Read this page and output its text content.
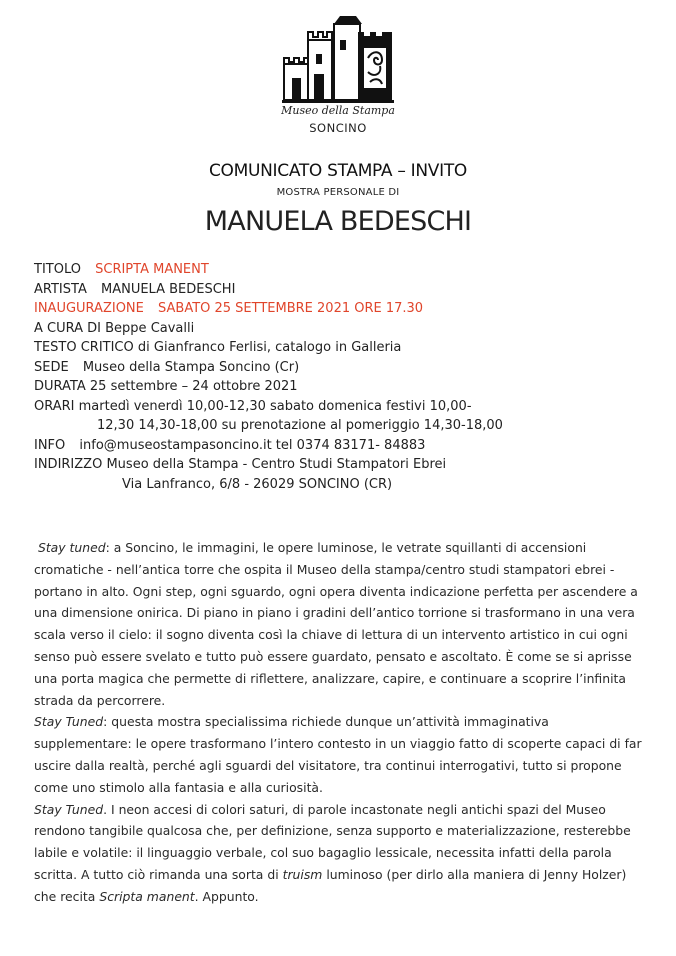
Museo della Stampa
SONCINO
COMUNICATO STAMPA – INVITO
MOSTRA PERSONALE DI
MANUELA BEDESCHI
TITOLO SCRIPTA MANENT
ARTISTA MANUELA BEDESCHI
INAUGURAZIONE SABATO 25 SETTEMBRE 2021 ORE 17.30
A CURA DI Beppe Cavalli
TESTO CRITICO di Gianfranco Ferlisi, catalogo in Galleria
SEDE Museo della Stampa Soncino (Cr)
DURATA 25 settembre – 24 ottobre 2021
ORARI martedì venerdì 10,00-12,30 sabato domenica festivi 10,00-
12,30 14,30-18,00 su prenotazione al pomeriggio 14,30-18,00
INFO info@museostampasoncino.it tel 0374 83171- 84883
INDIRIZZO Museo della Stampa - Centro Studi Stampatori Ebrei
Via Lanfranco, 6/8 - 26029 SONCINO (CR)

Stay tuned: a Soncino, le immagini, le opere luminose, le vetrate squillanti di accensioni cromatiche - nell’antica torre che ospita il Museo della stampa/centro studi stampatori ebrei - portano in alto. Ogni step, ogni sguardo, ogni opera diventa indicazione perfetta per ascendere a una dimensione onirica. Di piano in piano i gradini dell’antico torrione si trasformano in una vera scala verso il cielo: il sogno diventa così la chiave di lettura di un intervento artistico in cui ogni senso può essere svelato e tutto può essere guardato, pensato e ascoltato. È come se si aprisse una porta magica che permette di riflettere, analizzare, capire, e continuare a scoprire l’infinita strada da percorrere.

Stay Tuned: questa mostra specialissima richiede dunque un’attività immaginativa supplementare: le opere trasformano l’intero contesto in un viaggio fatto di scoperte capaci di far uscire dalla realtà, perché agli sguardi del visitatore, tra continui interrogativi, tutto si propone come uno stimolo alla fantasia e alla curiosità.

Stay Tuned. I neon accesi di colori saturi, di parole incastonate negli antichi spazi del Museo rendono tangibile qualcosa che, per definizione, senza supporto e materializzazione, resterebbe labile e volatile: il linguaggio verbale, col suo bagaglio lessicale, necessita infatti della parola scritta. A tutto ciò rimanda una sorta di truism luminoso (per dirlo alla maniera di Jenny Holzer) che recita Scripta manent. Appunto.
